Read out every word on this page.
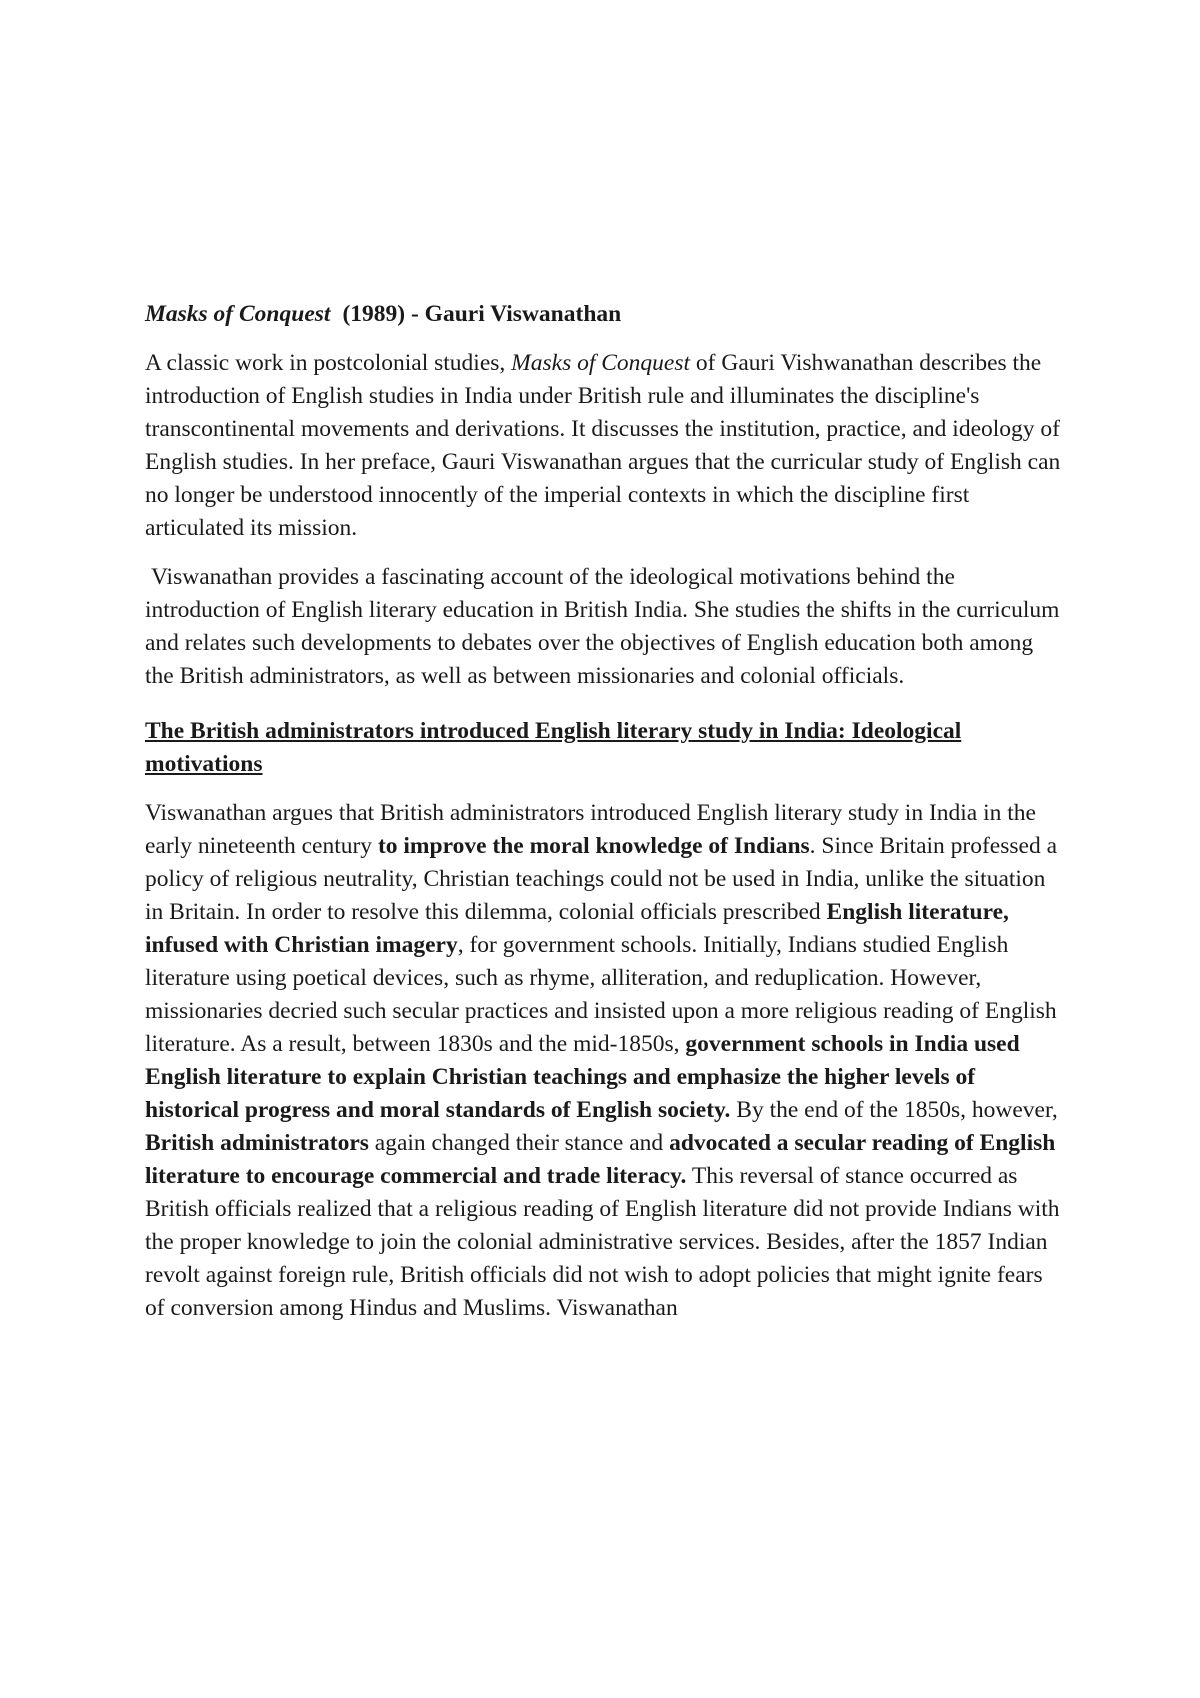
Masks of Conquest (1989) - Gauri Viswanathan

A classic work in postcolonial studies, Masks of Conquest of Gauri Vishwanathan describes the introduction of English studies in India under British rule and illuminates the discipline's transcontinental movements and derivations. It discusses the institution, practice, and ideology of English studies. In her preface, Gauri Viswanathan argues that the curricular study of English can no longer be understood innocently of the imperial contexts in which the discipline first articulated its mission.

Viswanathan provides a fascinating account of the ideological motivations behind the introduction of English literary education in British India. She studies the shifts in the curriculum and relates such developments to debates over the objectives of English education both among the British administrators, as well as between missionaries and colonial officials.

The British administrators introduced English literary study in India: Ideological motivations

Viswanathan argues that British administrators introduced English literary study in India in the early nineteenth century to improve the moral knowledge of Indians. Since Britain professed a policy of religious neutrality, Christian teachings could not be used in India, unlike the situation in Britain. In order to resolve this dilemma, colonial officials prescribed English literature, infused with Christian imagery, for government schools. Initially, Indians studied English literature using poetical devices, such as rhyme, alliteration, and reduplication. However, missionaries decried such secular practices and insisted upon a more religious reading of English literature. As a result, between 1830s and the mid-1850s, government schools in India used English literature to explain Christian teachings and emphasize the higher levels of historical progress and moral standards of English society. By the end of the 1850s, however, British administrators again changed their stance and advocated a secular reading of English literature to encourage commercial and trade literacy. This reversal of stance occurred as British officials realized that a religious reading of English literature did not provide Indians with the proper knowledge to join the colonial administrative services. Besides, after the 1857 Indian revolt against foreign rule, British officials did not wish to adopt policies that might ignite fears of conversion among Hindus and Muslims. Viswanathan
